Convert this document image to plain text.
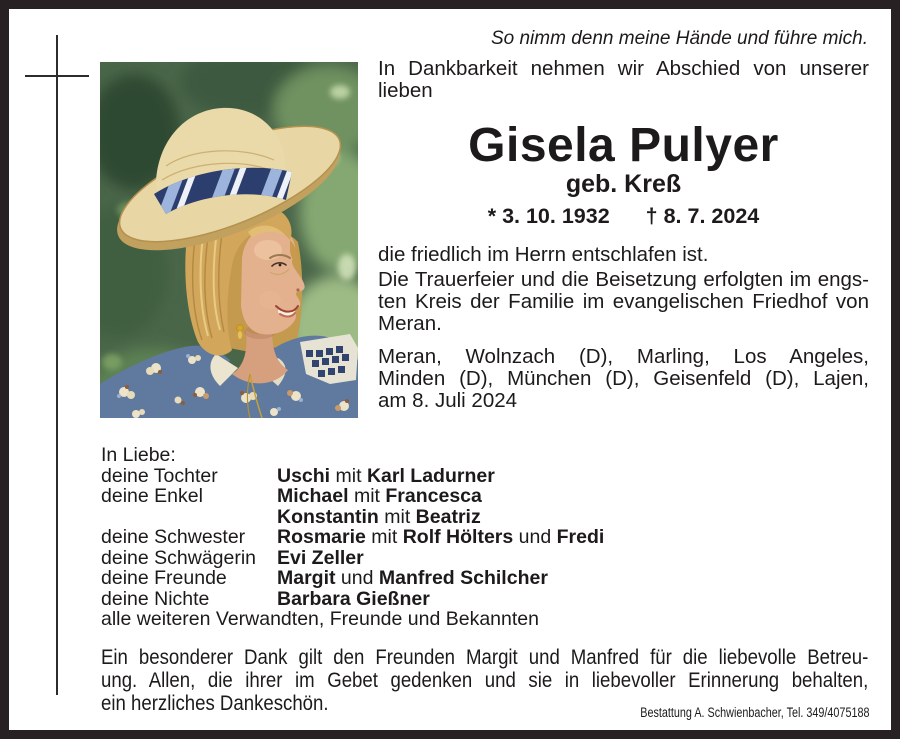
So nimm denn meine Hände und führe mich.
In Dankbarkeit nehmen wir Abschied von unserer
lieben
Gisela Pulyer
geb. Kreß
* 3. 10. 1932 † 8. 7. 2024
die friedlich im Herrn entschlafen ist.
Die Trauerfeier und die Beisetzung erfolgten im engs-
ten Kreis der Familie im evangelischen Friedhof von
Meran.
Meran, Wolnzach (D), Marling, Los Angeles,
Minden (D), München (D), Geisenfeld (D), Lajen,
am 8. Juli 2024
In Liebe:
deine Tochter	Uschi mit Karl Ladurner
deine Enkel	Michael mit Francesca
Konstantin mit Beatriz
deine Schwester	Rosmarie mit Rolf Hölters und Fredi
deine Schwägerin	Evi Zeller
deine Freunde	Margit und Manfred Schilcher
deine Nichte	Barbara Gießner
alle weiteren Verwandten, Freunde und Bekannten
Ein besonderer Dank gilt den Freunden Margit und Manfred für die liebevolle Betreu-
ung. Allen, die ihrer im Gebet gedenken und sie in liebevoller Erinnerung behalten,
ein herzliches Dankeschön.	Bestattung A. Schwienbacher, Tel. 349/4075188
